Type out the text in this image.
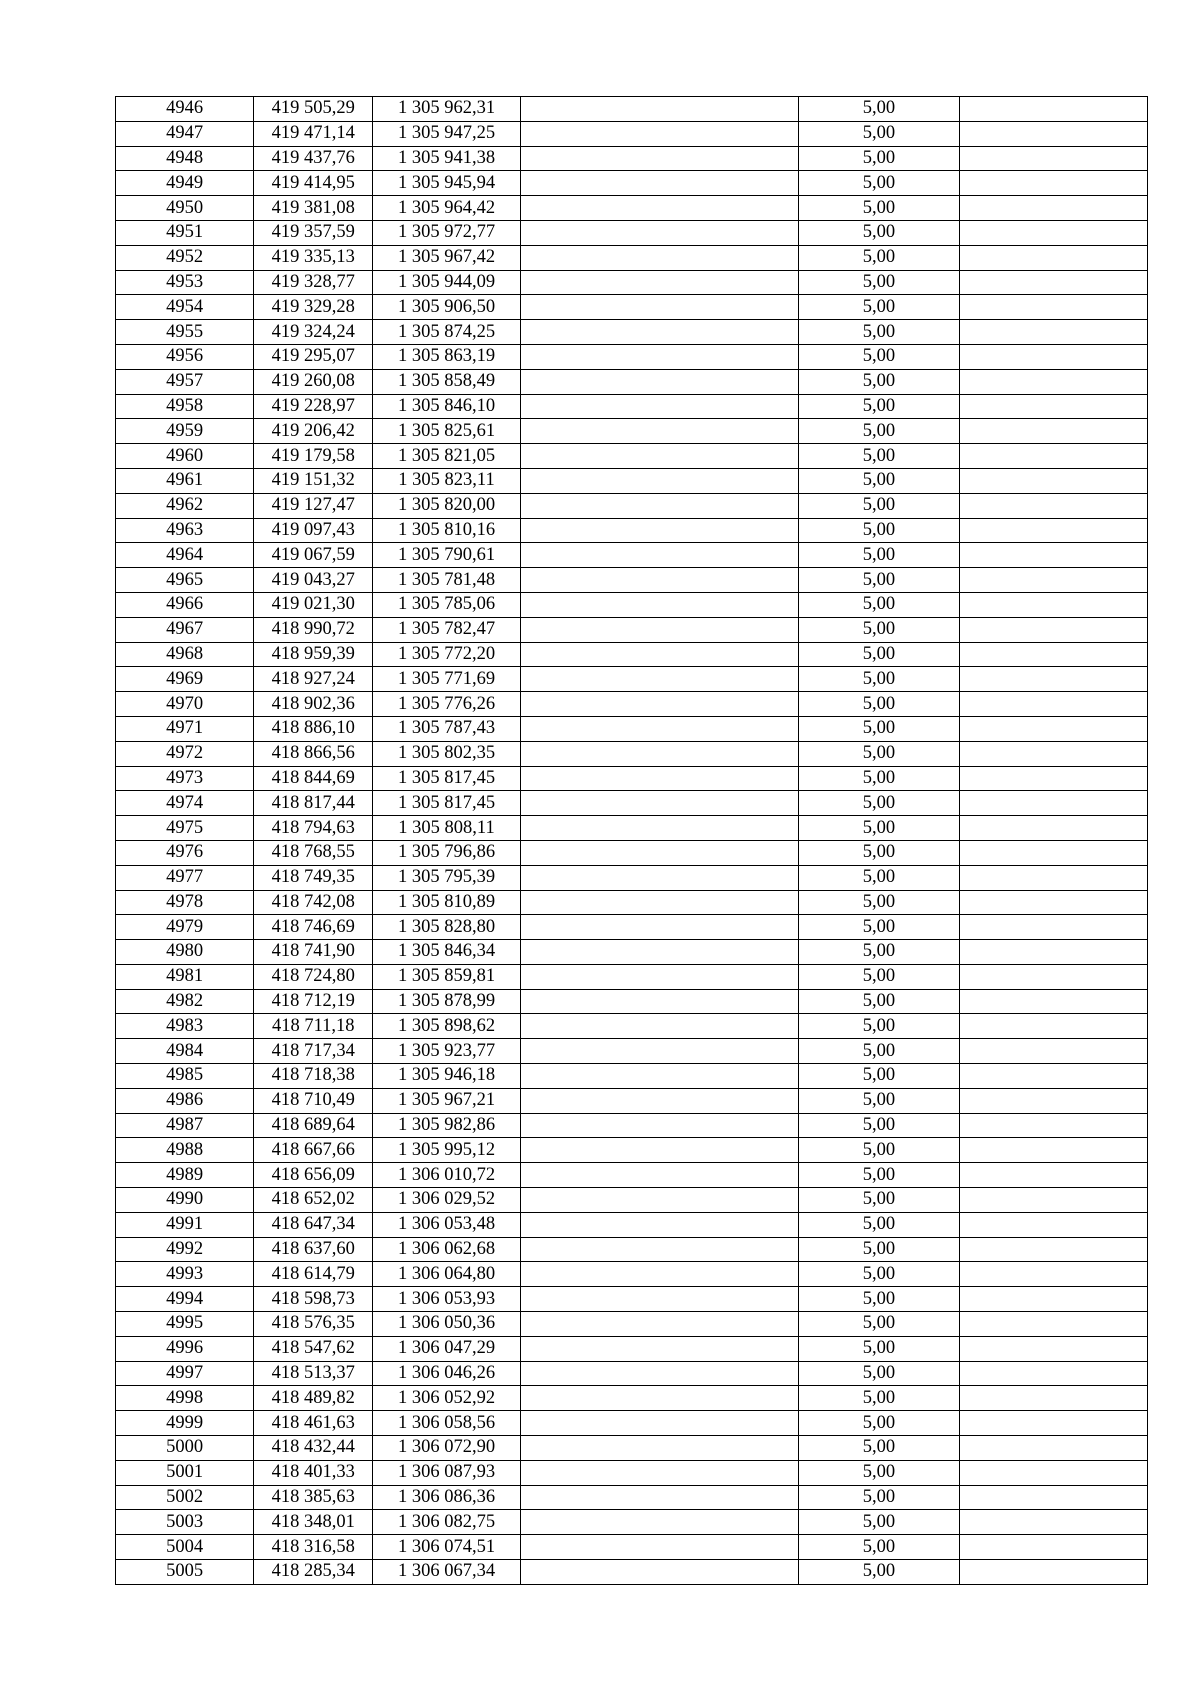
4946	419 505,29	1 305 962,31		5,00	
4947	419 471,14	1 305 947,25		5,00	
4948	419 437,76	1 305 941,38		5,00	
4949	419 414,95	1 305 945,94		5,00	
4950	419 381,08	1 305 964,42		5,00	
4951	419 357,59	1 305 972,77		5,00	
4952	419 335,13	1 305 967,42		5,00	
4953	419 328,77	1 305 944,09		5,00	
4954	419 329,28	1 305 906,50		5,00	
4955	419 324,24	1 305 874,25		5,00	
4956	419 295,07	1 305 863,19		5,00	
4957	419 260,08	1 305 858,49		5,00	
4958	419 228,97	1 305 846,10		5,00	
4959	419 206,42	1 305 825,61		5,00	
4960	419 179,58	1 305 821,05		5,00	
4961	419 151,32	1 305 823,11		5,00	
4962	419 127,47	1 305 820,00		5,00	
4963	419 097,43	1 305 810,16		5,00	
4964	419 067,59	1 305 790,61		5,00	
4965	419 043,27	1 305 781,48		5,00	
4966	419 021,30	1 305 785,06		5,00	
4967	418 990,72	1 305 782,47		5,00	
4968	418 959,39	1 305 772,20		5,00	
4969	418 927,24	1 305 771,69		5,00	
4970	418 902,36	1 305 776,26		5,00	
4971	418 886,10	1 305 787,43		5,00	
4972	418 866,56	1 305 802,35		5,00	
4973	418 844,69	1 305 817,45		5,00	
4974	418 817,44	1 305 817,45		5,00	
4975	418 794,63	1 305 808,11		5,00	
4976	418 768,55	1 305 796,86		5,00	
4977	418 749,35	1 305 795,39		5,00	
4978	418 742,08	1 305 810,89		5,00	
4979	418 746,69	1 305 828,80		5,00	
4980	418 741,90	1 305 846,34		5,00	
4981	418 724,80	1 305 859,81		5,00	
4982	418 712,19	1 305 878,99		5,00	
4983	418 711,18	1 305 898,62		5,00	
4984	418 717,34	1 305 923,77		5,00	
4985	418 718,38	1 305 946,18		5,00	
4986	418 710,49	1 305 967,21		5,00	
4987	418 689,64	1 305 982,86		5,00	
4988	418 667,66	1 305 995,12		5,00	
4989	418 656,09	1 306 010,72		5,00	
4990	418 652,02	1 306 029,52		5,00	
4991	418 647,34	1 306 053,48		5,00	
4992	418 637,60	1 306 062,68		5,00	
4993	418 614,79	1 306 064,80		5,00	
4994	418 598,73	1 306 053,93		5,00	
4995	418 576,35	1 306 050,36		5,00	
4996	418 547,62	1 306 047,29		5,00	
4997	418 513,37	1 306 046,26		5,00	
4998	418 489,82	1 306 052,92		5,00	
4999	418 461,63	1 306 058,56		5,00	
5000	418 432,44	1 306 072,90		5,00	
5001	418 401,33	1 306 087,93		5,00	
5002	418 385,63	1 306 086,36		5,00	
5003	418 348,01	1 306 082,75		5,00	
5004	418 316,58	1 306 074,51		5,00	
5005	418 285,34	1 306 067,34		5,00	
